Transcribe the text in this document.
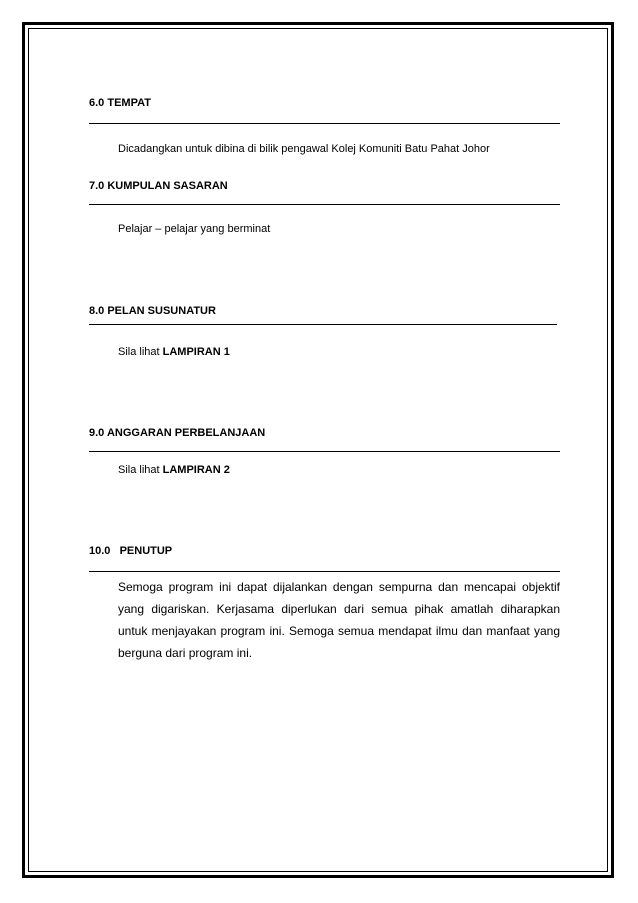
6.0 TEMPAT
Dicadangkan untuk dibina di bilik pengawal Kolej Komuniti Batu Pahat Johor
7.0 KUMPULAN SASARAN
Pelajar – pelajar yang berminat
8.0 PELAN SUSUNATUR
Sila lihat LAMPIRAN 1
9.0 ANGGARAN PERBELANJAAN
Sila lihat LAMPIRAN 2
10.0   PENUTUP
Semoga program ini dapat dijalankan dengan sempurna dan mencapai objektif yang digariskan. Kerjasama diperlukan dari semua pihak amatlah diharapkan untuk menjayakan program ini. Semoga semua mendapat ilmu dan manfaat yang berguna dari program ini.
